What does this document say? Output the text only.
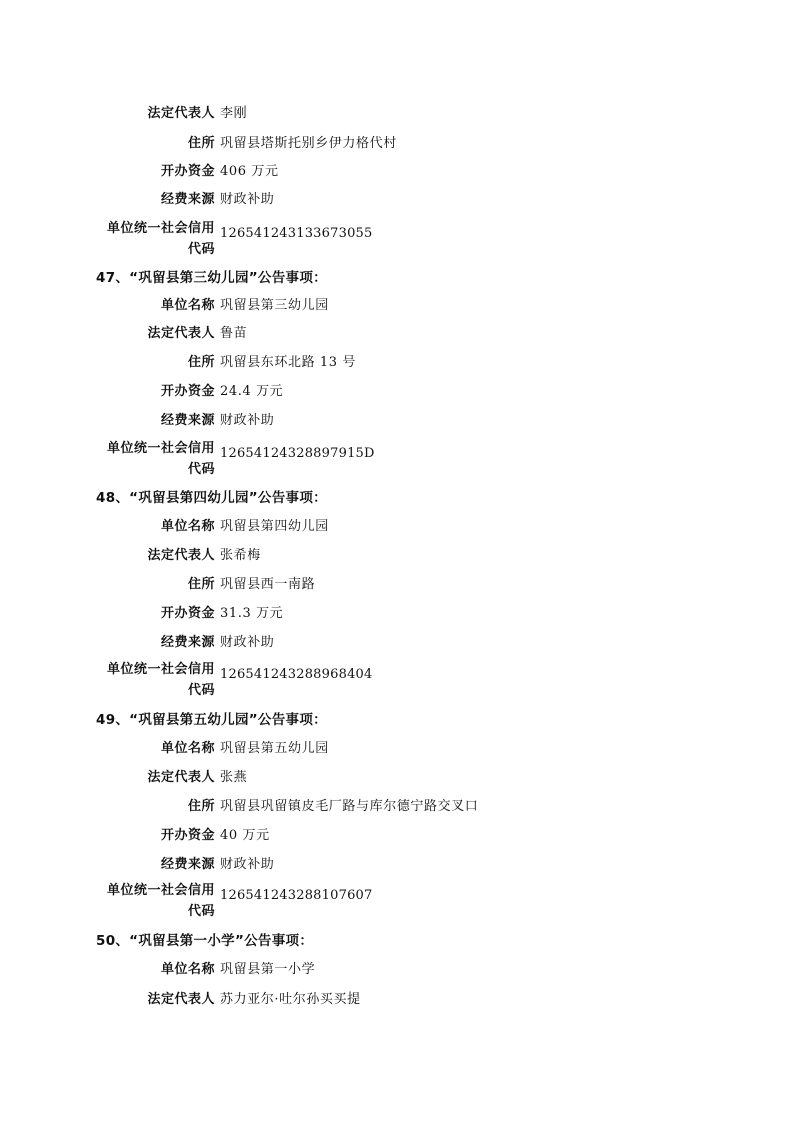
法定代表人 李刚
住所 巩留县塔斯托别乡伊力格代村
开办资金 406 万元
经费来源 财政补助
单位统一社会信用
代码
126541243133673055
47、“巩留县第三幼儿园”公告事项：
单位名称 巩留县第三幼儿园
法定代表人 鲁苗
住所 巩留县东环北路 13 号
开办资金 24.4 万元
经费来源 财政补助
单位统一社会信用
代码
12654124328897915D
48、“巩留县第四幼儿园”公告事项：
单位名称 巩留县第四幼儿园
法定代表人 张希梅
住所 巩留县西一南路
开办资金 31.3 万元
经费来源 财政补助
单位统一社会信用
代码
126541243288968404
49、“巩留县第五幼儿园”公告事项：
单位名称 巩留县第五幼儿园
法定代表人 张燕
住所 巩留县巩留镇皮毛厂路与库尔德宁路交叉口
开办资金 40 万元
经费来源 财政补助
单位统一社会信用
代码
126541243288107607
50、“巩留县第一小学”公告事项：
单位名称 巩留县第一小学
法定代表人 苏力亚尔·吐尔孙买买提
